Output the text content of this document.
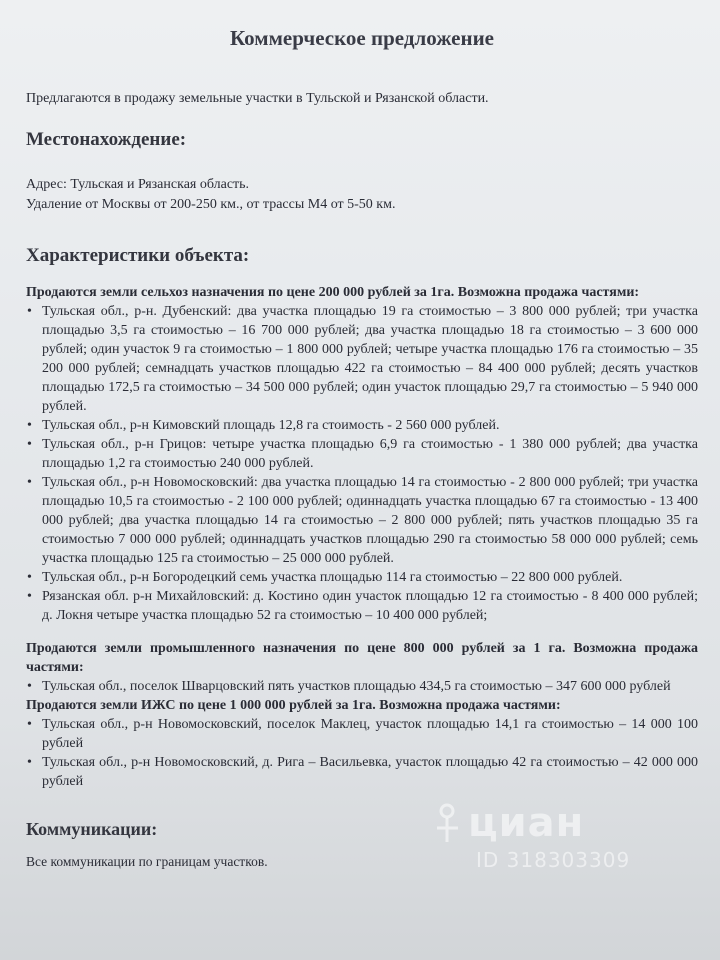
Коммерческое предложение

Предлагаются в продажу земельные участки в Тульской и Рязанской области.

Местонахождение:

Адрес: Тульская и Рязанская область.

Удаление от Москвы от 200-250 км., от трассы М4 от 5-50 км.

Характеристики объекта:

Продаются земли сельхоз назначения по цене 200 000 рублей за 1га. Возможна продажа частями:

• Тульская обл., р-н. Дубенский: два участка площадью 19 га стоимостью – 3 800 000 рублей; три участка площадью 3,5 га стоимостью – 16 700 000 рублей; два участка площадью 18 га стоимостью – 3 600 000 рублей; один участок 9 га стоимостью – 1 800 000 рублей; четыре участка площадью 176 га стоимостью – 35 200 000 рублей; семнадцать участков площадью 422 га стоимостью – 84 400 000 рублей; десять участков площадью 172,5 га стоимостью – 34 500 000 рублей; один участок площадью 29,7 га стоимостью – 5 940 000 рублей.
• Тульская обл., р-н Кимовский площадь 12,8 га стоимость - 2 560 000 рублей.
• Тульская обл., р-н Грицов: четыре участка площадью 6,9 га стоимостью - 1 380 000 рублей; два участка площадью 1,2 га стоимостью 240 000 рублей.
• Тульская обл., р-н Новомосковский: два участка площадью 14 га стоимостью - 2 800 000 рублей; три участка площадью 10,5 га стоимостью - 2 100 000 рублей; одиннадцать участка площадью 67 га стоимостью - 13 400 000 рублей; два участка площадью 14 га стоимостью – 2 800 000 рублей; пять участков площадью 35 га стоимостью 7 000 000 рублей; одиннадцать участков площадью 290 га стоимостью 58 000 000 рублей; семь участка площадью 125 га стоимостью – 25 000 000 рублей.
• Тульская обл., р-н Богородецкий семь участка площадью 114 га стоимостью – 22 800 000 рублей.
• Рязанская обл. р-н Михайловский: д. Костино один участок площадью 12 га стоимостью - 8 400 000 рублей; д. Локня четыре участка площадью 52 га стоимостью – 10 400 000 рублей;

Продаются земли промышленного назначения по цене 800 000 рублей за 1 га. Возможна продажа частями:

• Тульская обл., поселок Шварцовский пять участков площадью 434,5 га стоимостью – 347 600 000 рублей

Продаются земли ИЖС по цене 1 000 000 рублей за 1га. Возможна продажа частями:

• Тульская обл., р-н Новомосковский, поселок Маклец, участок площадью 14,1 га стоимостью – 14 000 100 рублей
• Тульская обл., р-н Новомосковский, д. Рига – Васильевка, участок площадью 42 га стоимостью – 42 000 000 рублей
Коммуникации:

Все коммуникации по границам участков.

циан
ID 318303309
